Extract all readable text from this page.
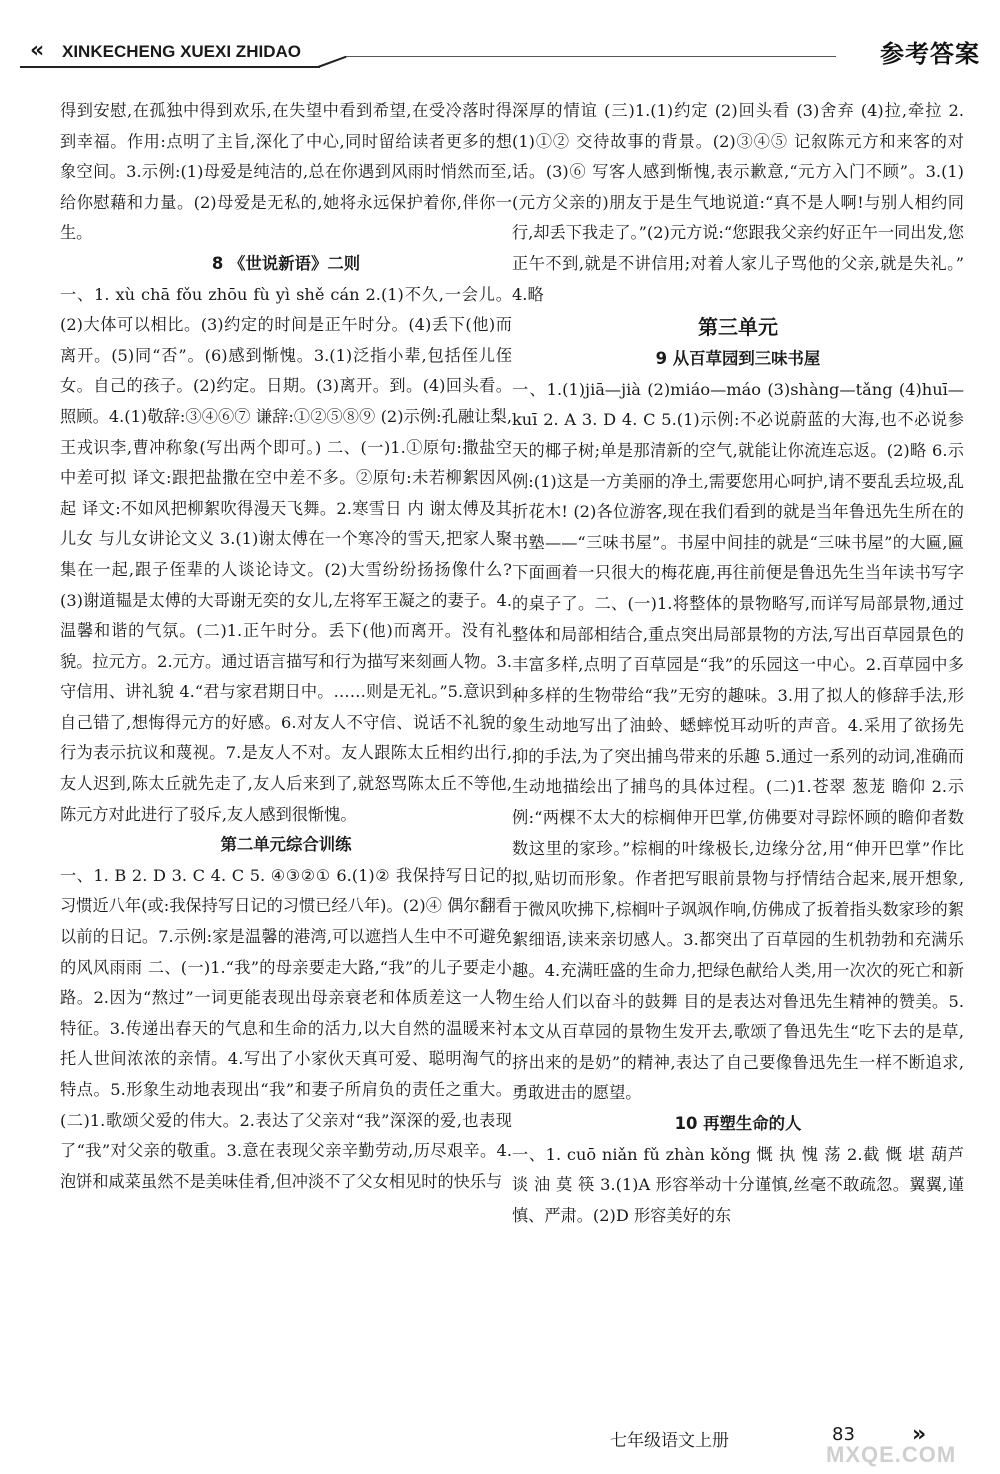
« XINKECHENG XUEXI ZHIDAO	参考答案

得到安慰,在孤独中得到欢乐,在失望中看到希望,在受冷落时得到幸福。作用:点明了主旨,深化了中心,同时留给读者更多的想象空间。3.示例:(1)母爱是纯洁的,总在你遇到风雨时悄然而至,给你慰藉和力量。(2)母爱是无私的,她将永远保护着你,伴你一生。

8 《世说新语》二则

一、1. xù chā fǒu zhōu fù yì shě cán 2.(1)不久,一会儿。(2)大体可以相比。(3)约定的时间是正午时分。(4)丢下(他)而离开。(5)同“否”。(6)感到惭愧。3.(1)泛指小辈,包括侄儿侄女。自己的孩子。(2)约定。日期。(3)离开。到。(4)回头看。照顾。4.(1)敬辞:③④⑥⑦ 谦辞:①②⑤⑧⑨ (2)示例:孔融让梨,王戎识李,曹冲称象(写出两个即可。) 二、(一)1.①原句:撒盐空中差可拟 译文:跟把盐撒在空中差不多。②原句:未若柳絮因风起 译文:不如风把柳絮吹得漫天飞舞。2.寒雪日 内 谢太傅及其儿女 与儿女讲论文义 3.(1)谢太傅在一个寒冷的雪天,把家人聚集在一起,跟子侄辈的人谈论诗文。(2)大雪纷纷扬扬像什么? (3)谢道韫是太傅的大哥谢无奕的女儿,左将军王凝之的妻子。4.温馨和谐的气氛。(二)1.正午时分。丢下(他)而离开。没有礼貌。拉元方。2.元方。通过语言描写和行为描写来刻画人物。3.守信用、讲礼貌 4.“君与家君期日中。……则是无礼。”5.意识到自己错了,想悔得元方的好感。6.对友人不守信、说话不礼貌的行为表示抗议和蔑视。7.是友人不对。友人跟陈太丘相约出行,友人迟到,陈太丘就先走了,友人后来到了,就怒骂陈太丘不等他,陈元方对此进行了驳斥,友人感到很惭愧。

第二单元综合训练

一、1. B 2. D 3. C 4. C 5. ④③②① 6.(1)② 我保持写日记的习惯近八年(或:我保持写日记的习惯已经八年)。(2)④ 偶尔翻看以前的日记。7.示例:家是温馨的港湾,可以遮挡人生中不可避免的风风雨雨 二、(一)1.“我”的母亲要走大路,“我”的儿子要走小路。2.因为“熬过”一词更能表现出母亲衰老和体质差这一人物特征。3.传递出春天的气息和生命的活力,以大自然的温暖来衬托人世间浓浓的亲情。4.写出了小家伙天真可爱、聪明淘气的特点。5.形象生动地表现出“我”和妻子所肩负的责任之重大。(二)1.歌颂父爱的伟大。2.表达了父亲对“我”深深的爱,也表现了“我”对父亲的敬重。3.意在表现父亲辛勤劳动,历尽艰辛。4.泡饼和咸菜虽然不是美味佳肴,但冲淡不了父女相见时的快乐与

深厚的情谊 (三)1.(1)约定 (2)回头看 (3)舍弃 (4)拉,牵拉 2.(1)①② 交待故事的背景。(2)③④⑤ 记叙陈元方和来客的对话。(3)⑥ 写客人感到惭愧,表示歉意,“元方入门不顾”。3.(1)(元方父亲的)朋友于是生气地说道:“真不是人啊!与别人相约同行,却丢下我走了。”(2)元方说:“您跟我父亲约好正午一同出发,您正午不到,就是不讲信用;对着人家儿子骂他的父亲,就是失礼。” 4.略

第三单元
9 从百草园到三味书屋

一、1.(1)jiā—jià (2)miáo—máo (3)shàng—tǎng (4)huī—kuī 2. A 3. D 4. C 5.(1)示例:不必说蔚蓝的大海,也不必说参天的椰子树;单是那清新的空气,就能让你流连忘返。(2)略 6.示例:(1)这是一方美丽的净土,需要您用心呵护,请不要乱丢垃圾,乱折花木! (2)各位游客,现在我们看到的就是当年鲁迅先生所在的书塾——“三味书屋”。书屋中间挂的就是“三味书屋”的大匾,匾下面画着一只很大的梅花鹿,再往前便是鲁迅先生当年读书写字的桌子了。二、(一)1.将整体的景物略写,而详写局部景物,通过整体和局部相结合,重点突出局部景物的方法,写出百草园景色的丰富多样,点明了百草园是“我”的乐园这一中心。2.百草园中多种多样的生物带给“我”无穷的趣味。3.用了拟人的修辞手法,形象生动地写出了油蛉、蟋蟀悦耳动听的声音。4.采用了欲扬先抑的手法,为了突出捕鸟带来的乐趣 5.通过一系列的动词,准确而生动地描绘出了捕鸟的具体过程。(二)1.苍翠 葱茏 瞻仰 2.示例:“两棵不太大的棕榈伸开巴掌,仿佛要对寻踪怀顾的瞻仰者数数这里的家珍。”棕榈的叶缘极长,边缘分岔,用“伸开巴掌”作比拟,贴切而形象。作者把写眼前景物与抒情结合起来,展开想象,于微风吹拂下,棕榈叶子飒飒作响,仿佛成了扳着指头数家珍的絮絮细语,读来亲切感人。3.都突出了百草园的生机勃勃和充满乐趣。4.充满旺盛的生命力,把绿色献给人类,用一次次的死亡和新生给人们以奋斗的鼓舞 目的是表达对鲁迅先生精神的赞美。5.本文从百草园的景物生发开去,歌颂了鲁迅先生“吃下去的是草,挤出来的是奶”的精神,表达了自己要像鲁迅先生一样不断追求,勇敢进击的愿望。

10 再塑生命的人

一、1. cuō niǎn fǔ zhàn kǒng 慨 执 愧 荡 2.截 慨 堪 葫芦 谈 油 莫 筷 3.(1)A 形容举动十分谨慎,丝毫不敢疏忽。翼翼,谨慎、严肃。(2)D 形容美好的东

七年级语文上册	83	»
MXQE.COM
